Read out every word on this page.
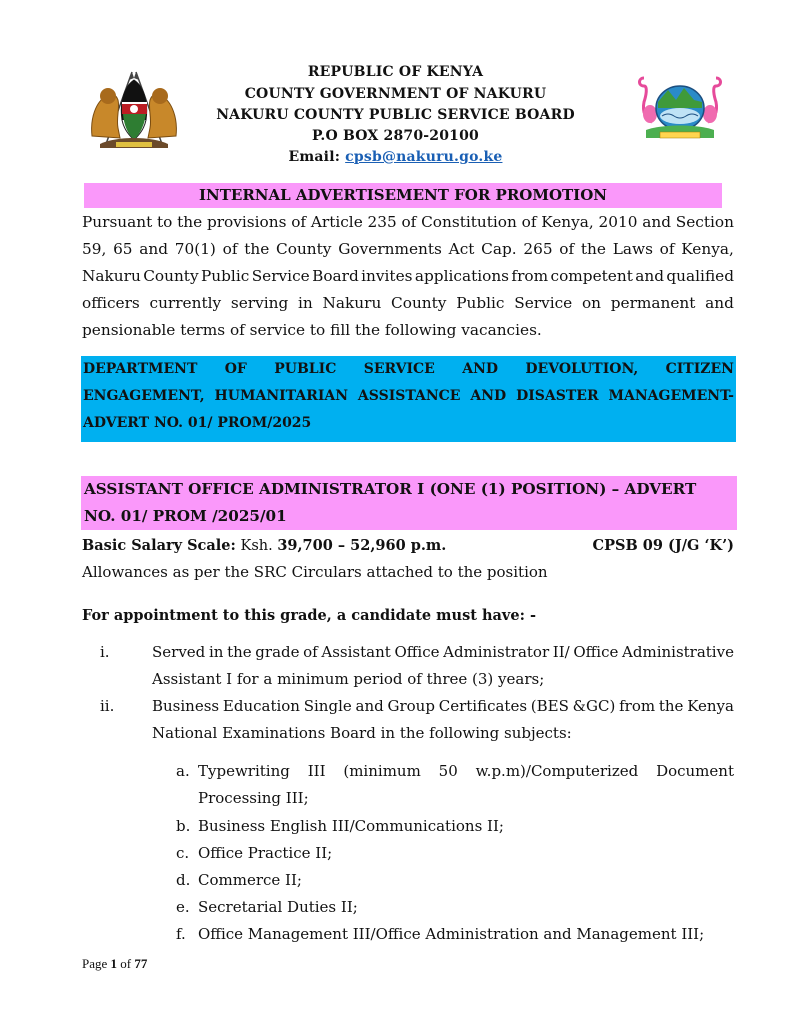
REPUBLIC OF KENYA
COUNTY GOVERNMENT OF NAKURU
NAKURU COUNTY PUBLIC SERVICE BOARD
P.O BOX 2870-20100
Email: cpsb@nakuru.go.ke
INTERNAL ADVERTISEMENT FOR PROMOTION
Pursuant to the provisions of Article 235 of Constitution of Kenya, 2010 and Section
59, 65 and 70(1) of the County Governments Act Cap. 265 of the Laws of Kenya,
Nakuru County Public Service Board invites applications from competent and qualified
officers currently serving in Nakuru County Public Service on permanent and
pensionable terms of service to fill the following vacancies.
DEPARTMENT OF PUBLIC SERVICE AND DEVOLUTION, CITIZEN
ENGAGEMENT, HUMANITARIAN ASSISTANCE AND DISASTER MANAGEMENT-
ADVERT NO. 01/ PROM/2025
ASSISTANT OFFICE ADMINISTRATOR I (ONE (1) POSITION) – ADVERT
NO. 01/ PROM /2025/01
Basic Salary Scale: Ksh. 39,700 – 52,960 p.m.	CPSB 09 (J/G ‘K’)
Allowances as per the SRC Circulars attached to the position
For appointment to this grade, a candidate must have: -
i.	Served in the grade of Assistant Office Administrator II/ Office Administrative
Assistant I for a minimum period of three (3) years;
ii.	Business Education Single and Group Certificates (BES &GC) from the Kenya
National Examinations Board in the following subjects:
a. Typewriting III (minimum 50 w.p.m)/Computerized Document
Processing III;
b. Business English III/Communications II;
c. Office Practice II;
d. Commerce II;
e. Secretarial Duties II;
f. Office Management III/Office Administration and Management III;
Page 1 of 77
